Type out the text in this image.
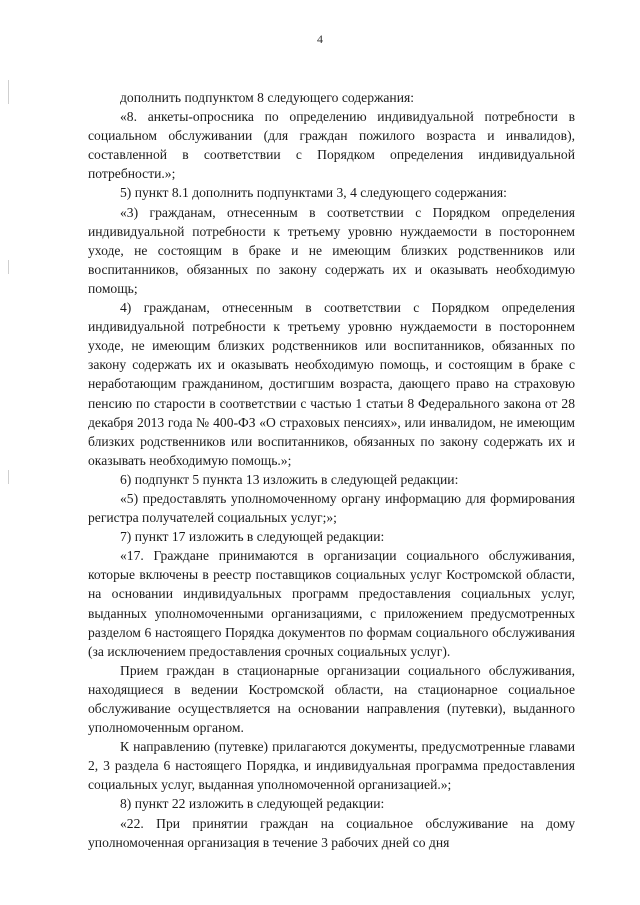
4

дополнить подпунктом 8 следующего содержания:

«8. анкеты-опросника по определению индивидуальной потребности в социальном обслуживании (для граждан пожилого возраста и инвалидов), составленной в соответствии с Порядком определения индивидуальной потребности.»;

5) пункт 8.1 дополнить подпунктами 3, 4 следующего содержания:

«3) гражданам, отнесенным в соответствии с Порядком определения индивидуальной потребности к третьему уровню нуждаемости в постороннем уходе, не состоящим в браке и не имеющим близких родственников или воспитанников, обязанных по закону содержать их и оказывать необходимую помощь;

4) гражданам, отнесенным в соответствии с Порядком определения индивидуальной потребности к третьему уровню нуждаемости в постороннем уходе, не имеющим близких родственников или воспитанников, обязанных по закону содержать их и оказывать необходимую помощь, и состоящим в браке с неработающим гражданином, достигшим возраста, дающего право на страховую пенсию по старости в соответствии с частью 1 статьи 8 Федерального закона от 28 декабря 2013 года № 400-ФЗ «О страховых пенсиях», или инвалидом, не имеющим близких родственников или воспитанников, обязанных по закону содержать их и оказывать необходимую помощь.»;

6) подпункт 5 пункта 13 изложить в следующей редакции:

«5) предоставлять уполномоченному органу информацию для формирования регистра получателей социальных услуг;»;

7) пункт 17 изложить в следующей редакции:

«17. Граждане принимаются в организации социального обслуживания, которые включены в реестр поставщиков социальных услуг Костромской области, на основании индивидуальных программ предоставления социальных услуг, выданных уполномоченными организациями, с приложением предусмотренных разделом 6 настоящего Порядка документов по формам социального обслуживания (за исключением предоставления срочных социальных услуг).

Прием граждан в стационарные организации социального обслуживания, находящиеся в ведении Костромской области, на стационарное социальное обслуживание осуществляется на основании направления (путевки), выданного уполномоченным органом.

К направлению (путевке) прилагаются документы, предусмотренные главами 2, 3 раздела 6 настоящего Порядка, и индивидуальная программа предоставления социальных услуг, выданная уполномоченной организацией.»;

8) пункт 22 изложить в следующей редакции:

«22. При принятии граждан на социальное обслуживание на дому уполномоченная организация в течение 3 рабочих дней со дня
